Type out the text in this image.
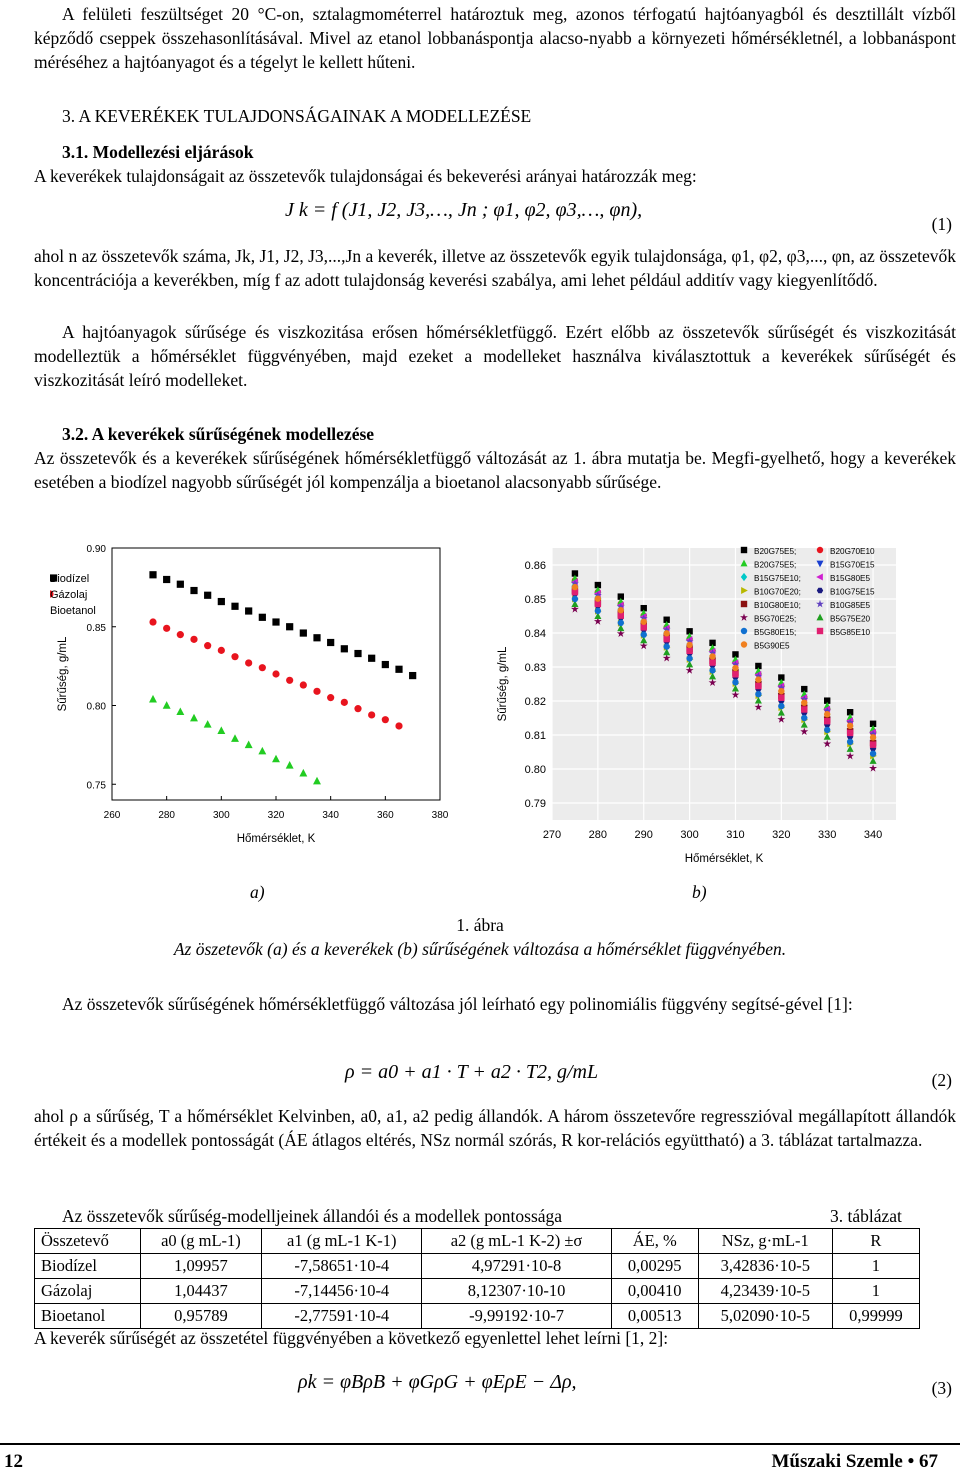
A felületi feszültséget 20 °C-on, sztalagmométerrel határoztuk meg, azonos térfogatú hajtóanyagból és desztillált vízből képződő cseppek összehasonlításával. Mivel az etanol lobbanáspontja alacso-nyabb a környezeti hőmérsékletnél, a lobbanáspont méréséhez a hajtóanyagot és a tégelyt le kellett hűteni.
3. A KEVERÉKEK TULAJDONSÁGAINAK A MODELLEZÉSE
3.1. Modellezési eljárások
A keverékek tulajdonságait az összetevők tulajdonságai és bekeverési arányai határozzák meg:
J k = f (J1, J2, J3,…, Jn ; φ1, φ2, φ3,…, φn),
(1)
ahol n az összetevők száma, Jk, J1, J2, J3,...,Jn a keverék, illetve az összetevők egyik tulajdonsága, φ1, φ2, φ3,..., φn, az összetevők koncentrációja a keverékben, míg f az adott tulajdonság keverési szabálya, ami lehet például additív vagy kiegyenlítődő.
A hajtóanyagok sűrűsége és viszkozitása erősen hőmérsékletfüggő. Ezért előbb az összetevők sűrűségét és viszkozitását modelleztük a hőmérséklet függvényében, majd ezeket a modelleket használva kiválasztottuk a keverékek sűrűségét és viszkozitását leíró modelleket.
3.2. A keverékek sűrűségének modellezése
Az összetevők és a keverékek sűrűségének hőmérsékletfüggő változását az 1. ábra mutatja be. Megfi-gyelhető, hogy a keverékek esetében a biodízel nagyobb sűrűségét jól kompenzálja a bioetanol alacsonyabb sűrűsége.
260	280	300	320	340	360	380
0.75
0.80
0.85
0.90
Hőmérséklet, K
Sűrűség, g/mL
Biodízel
Gázolaj
Bioetanol
270	280	290	300	310	320	330	340
0.79
0.80
0.81
0.82
0.83
0.84
0.85
0.86
Hőmérséklet, K
Sűrűség, g/mL
B20G75E5;	B20G70E10
B20G75E5;	B15G70E15
B15G75E10;	B15G80E5
B10G70E20;	B10G75E15
B10G80E10;	B10G85E5
B5G70E25;	B5G75E20
B5G80E15;	B5G85E10
B5G90E5
a)	b)
1. ábra
Az öszetevők (a) és a keverékek (b) sűrűségének változása a hőmérséklet függvényében.
Az összetevők sűrűségének hőmérsékletfüggő változása jól leírható egy polinomiális függvény segítsé-gével [1]:
ρ = a0 + a1 · T + a2 · T2, g/mL	(2)
ahol ρ a sűrűség, T a hőmérséklet Kelvinben, a0, a1, a2 pedig állandók. A három összetevőre regresszióval megállapított állandók értékeit és a modellek pontosságát (ÁE átlagos eltérés, NSz normál szórás, R kor-relációs együttható) a 3. táblázat tartalmazza.
Az összetevők sűrűség-modelljeinek állandói és a modellek pontossága	3. táblázat
Összetevő	a0 (g mL-1)	a1 (g mL-1 K-1)	a2 (g mL-1 K-2) ±σ	ÁE, %	NSz, g·mL-1	R
Biodízel	1,09957	-7,58651·10-4	4,97291·10-8	0,00295	3,42836·10-5	1
Gázolaj	1,04437	-7,14456·10-4	8,12307·10-10	0,00410	4,23439·10-5	1
Bioetanol	0,95789	-2,77591·10-4	-9,99192·10-7	0,00513	5,02090·10-5	0,99999
A keverék sűrűségét az összetétel függvényében a következő egyenlettel lehet leírni [1, 2]:
ρk = φBρB + φGρG + φEρE − Δρ,	(3)
12	Műszaki Szemle • 67
